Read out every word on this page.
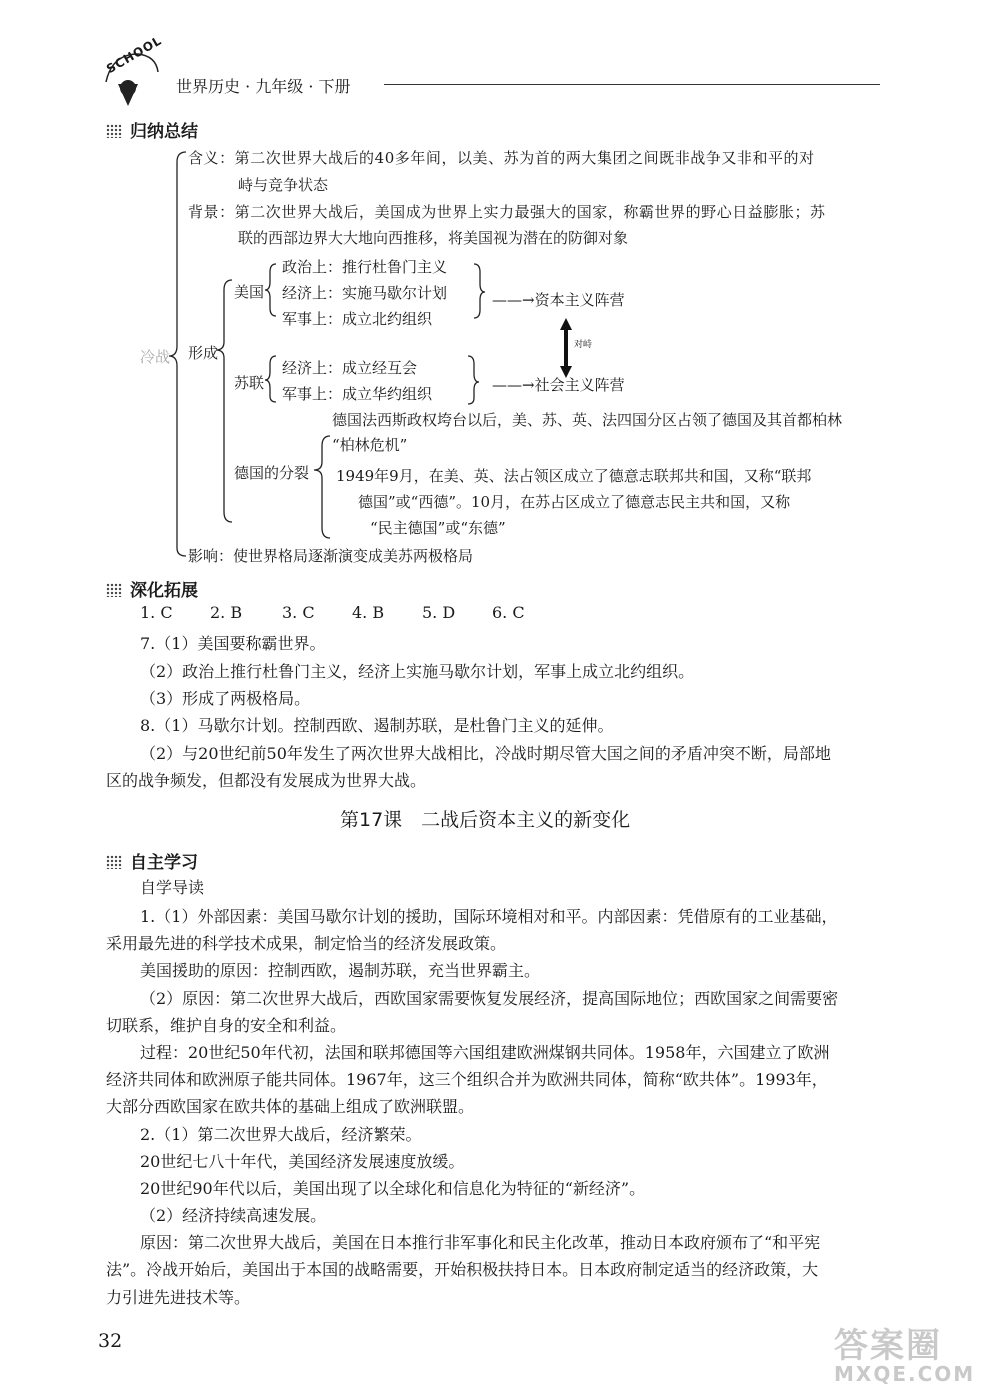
SCHOOL
世界历史 · 九年级 · 下册
归纳总结
冷战
含义：第二次世界大战后的40多年间，以美、苏为首的两大集团之间既非战争又非和平的对
峙与竞争状态
背景：第二次世界大战后，美国成为世界上实力最强大的国家，称霸世界的野心日益膨胀；苏
联的西部边界大大地向西推移，将美国视为潜在的防御对象
形成
美国
政治上：推行杜鲁门主义
经济上：实施马歇尔计划
军事上：成立北约组织
——→资本主义阵营
对峙
苏联
经济上：成立经互会
军事上：成立华约组织	——→社会主义阵营
德国的分裂
德国法西斯政权垮台以后，美、苏、英、法四国分区占领了德国及其首都柏林
“柏林危机”
1949年9月，在美、英、法占领区成立了德意志联邦共和国，又称“联邦
德国”或“西德”。10月，在苏占区成立了德意志民主共和国，又称
“民主德国”或“东德”
影响：使世界格局逐渐演变成美苏两极格局
深化拓展
1. C 2. B 3. C 4. B 5. D 6. C
7.（1）美国要称霸世界。
（2）政治上推行杜鲁门主义，经济上实施马歇尔计划，军事上成立北约组织。
（3）形成了两极格局。
8.（1）马歇尔计划。控制西欧、遏制苏联，是杜鲁门主义的延伸。
（2）与20世纪前50年发生了两次世界大战相比，冷战时期尽管大国之间的矛盾冲突不断，局部地
区的战争频发，但都没有发展成为世界大战。
第17课　二战后资本主义的新变化
自主学习
自学导读
1.（1）外部因素：美国马歇尔计划的援助，国际环境相对和平。内部因素：凭借原有的工业基础，
采用最先进的科学技术成果，制定恰当的经济发展政策。
美国援助的原因：控制西欧，遏制苏联，充当世界霸主。
（2）原因：第二次世界大战后，西欧国家需要恢复发展经济，提高国际地位；西欧国家之间需要密
切联系，维护自身的安全和利益。
过程：20世纪50年代初，法国和联邦德国等六国组建欧洲煤钢共同体。1958年，六国建立了欧洲
经济共同体和欧洲原子能共同体。1967年，这三个组织合并为欧洲共同体，简称“欧共体”。1993年，
大部分西欧国家在欧共体的基础上组成了欧洲联盟。
2.（1）第二次世界大战后，经济繁荣。
20世纪七八十年代，美国经济发展速度放缓。
20世纪90年代以后，美国出现了以全球化和信息化为特征的“新经济”。
（2）经济持续高速发展。
原因：第二次世界大战后，美国在日本推行非军事化和民主化改革，推动日本政府颁布了“和平宪
法”。冷战开始后，美国出于本国的战略需要，开始积极扶持日本。日本政府制定适当的经济政策，大
力引进先进技术等。
32	答案圈
MXQE.COM
